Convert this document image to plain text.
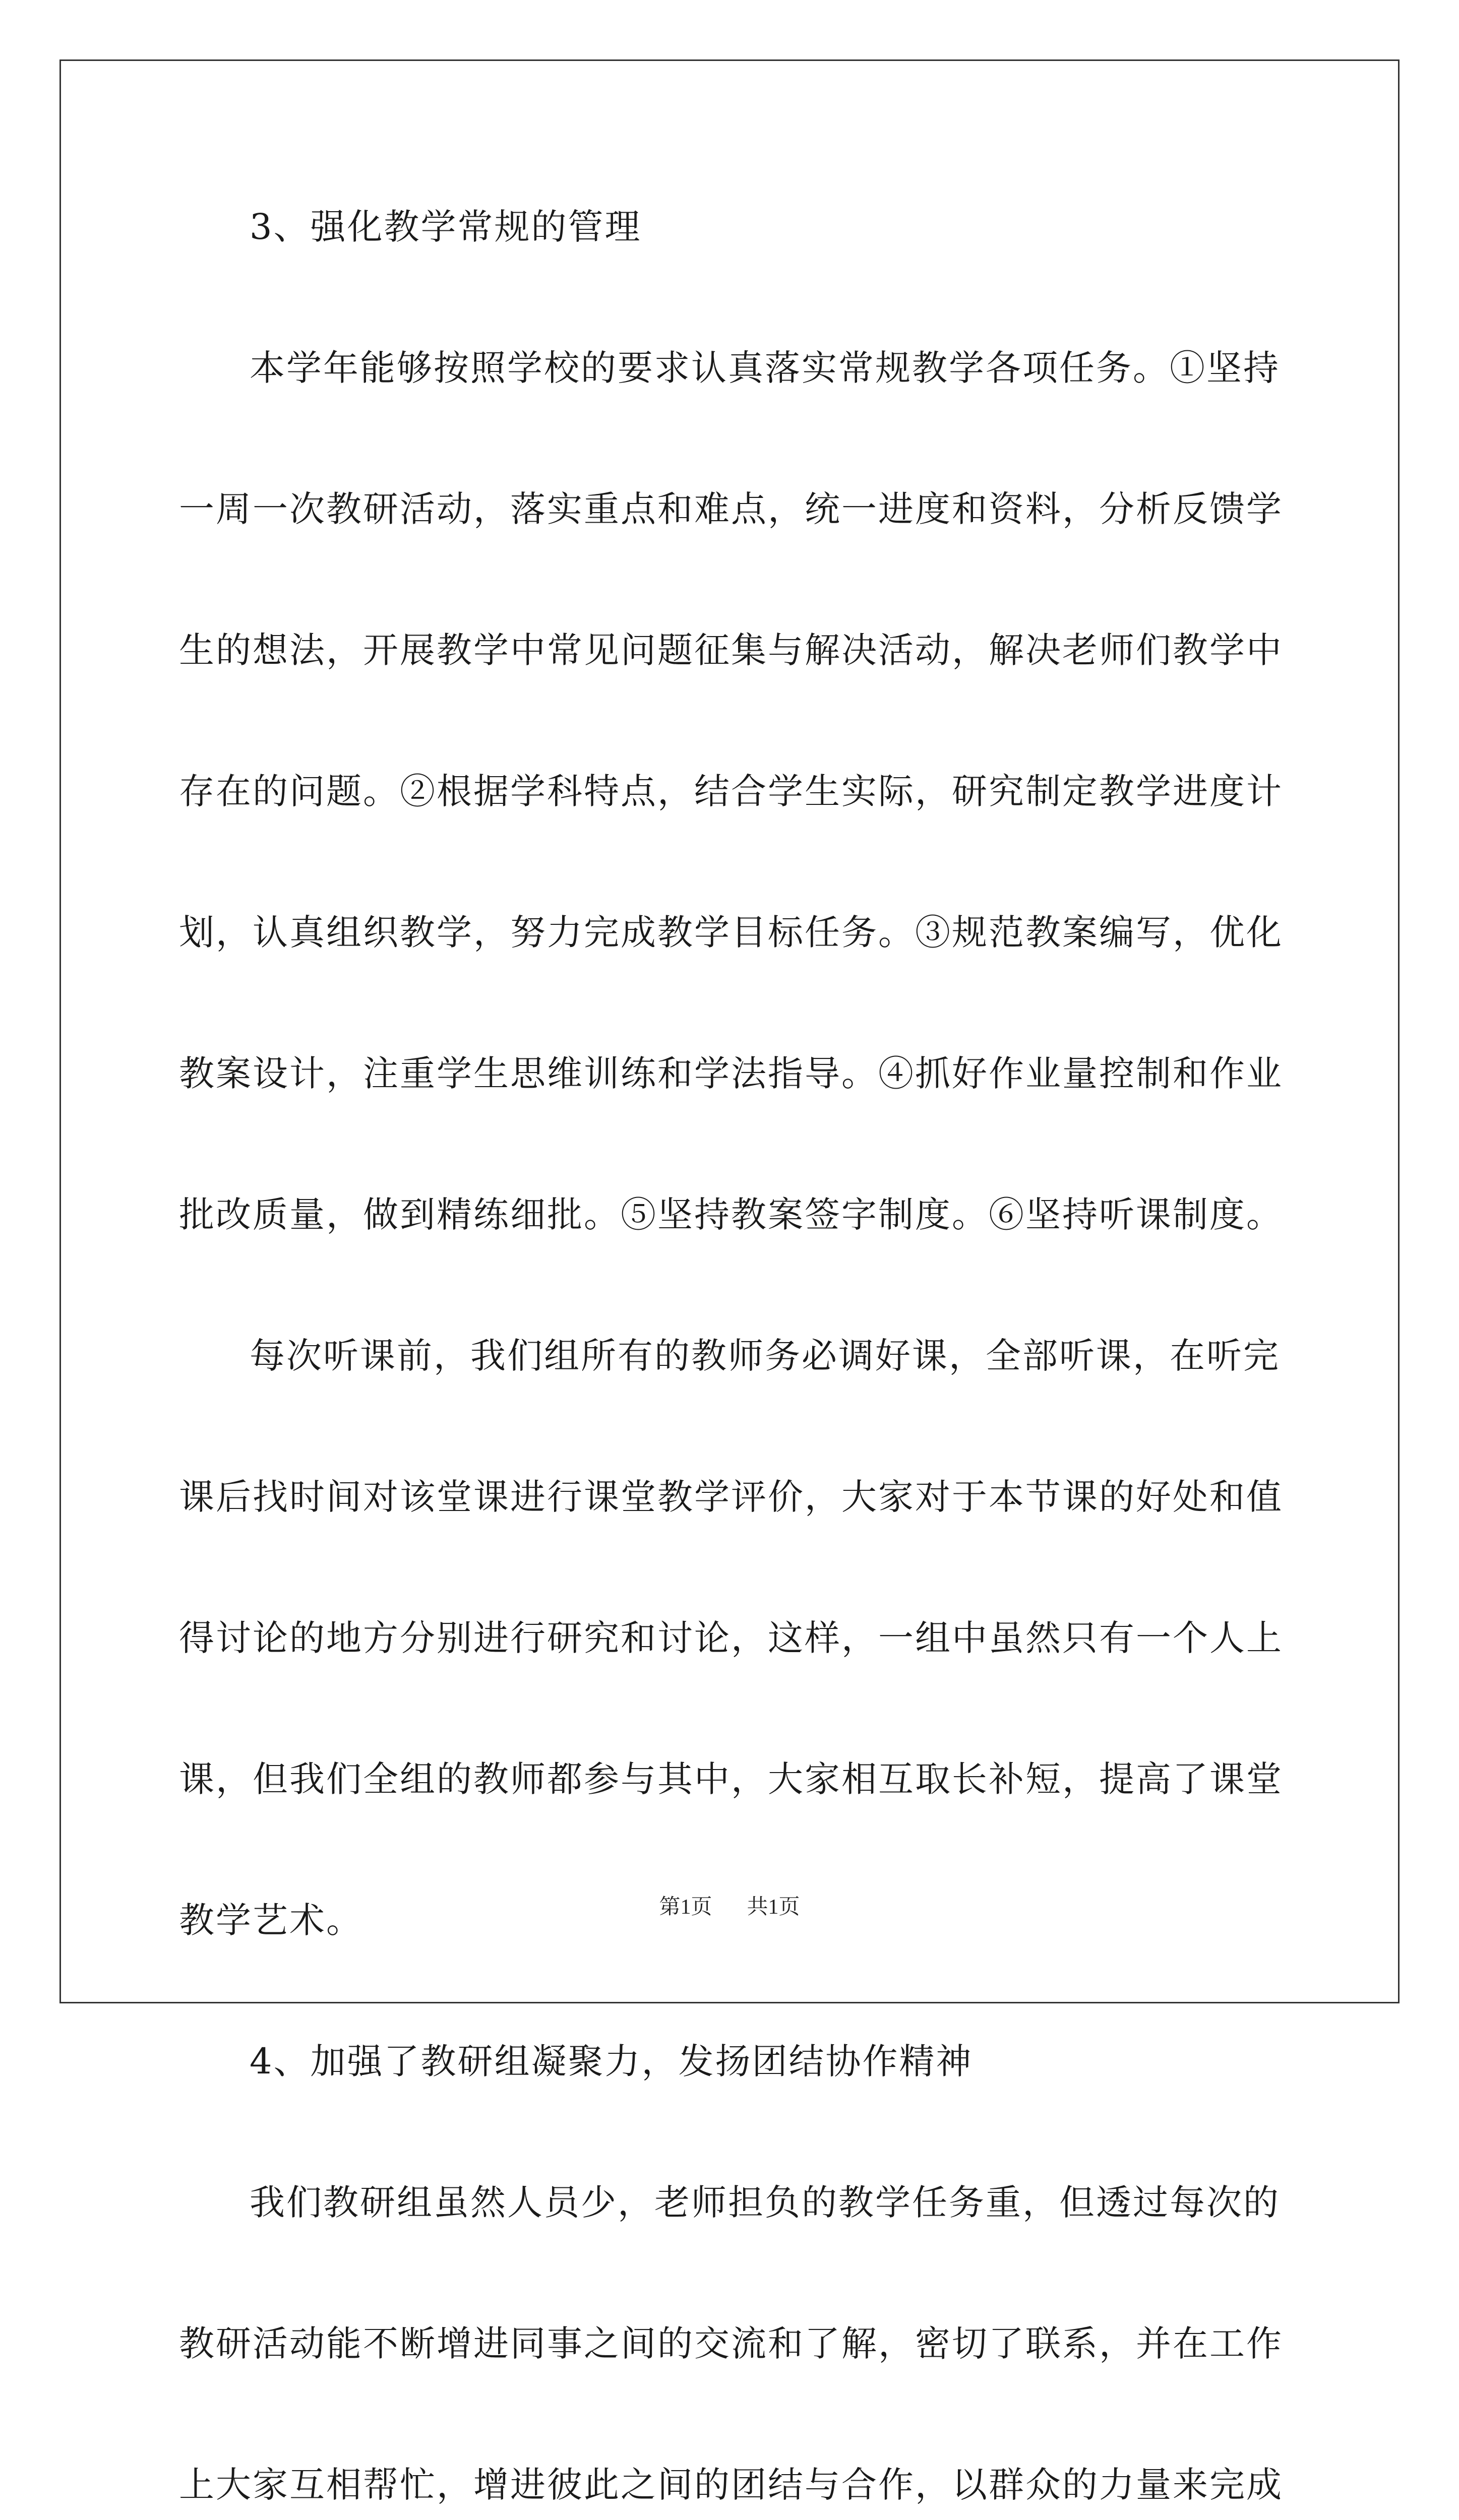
3、强化教学常规的管理
本学年能够按照学校的要求认真落实常规教学各项任务。①坚持
一周一次教研活动，落实重点和难点，统一进度和资料，分析反馈学
生的想法，开展教学中常见问题征集与解决活动，解决老师们教学中
存在的问题。②根据学科特点，结合学生实际，研究制定教学进度计
划，认真组织教学，努力完成教学目标任务。③规范教案编写，优化
教案设计，注重学生思维训练和学法指导。④抓好作业量控制和作业
批改质量，做到精练细批。⑤坚持教案签字制度。⑥坚持听课制度。
每次听课前，我们组所有的教师务必调好课，全部听课，在听完
课后找时间对该堂课进行课堂教学评价，大家对于本节课的好处和值
得讨论的地方分别进行研究和讨论，这样，一组中虽然只有一个人上
课，但我们全组的教师都参与其中，大家相互取长补短，提高了课堂
教学艺术。
4、加强了教研组凝聚力，发扬团结协作精神
我们教研组虽然人员少，老师担负的教学任务重，但透过每次的
教研活动能不断增进同事之间的交流和了解，密切了联系，并在工作
上大家互相帮忙，增进彼此之间的团结与合作，以群众的力量来完成
第1页 共1页
